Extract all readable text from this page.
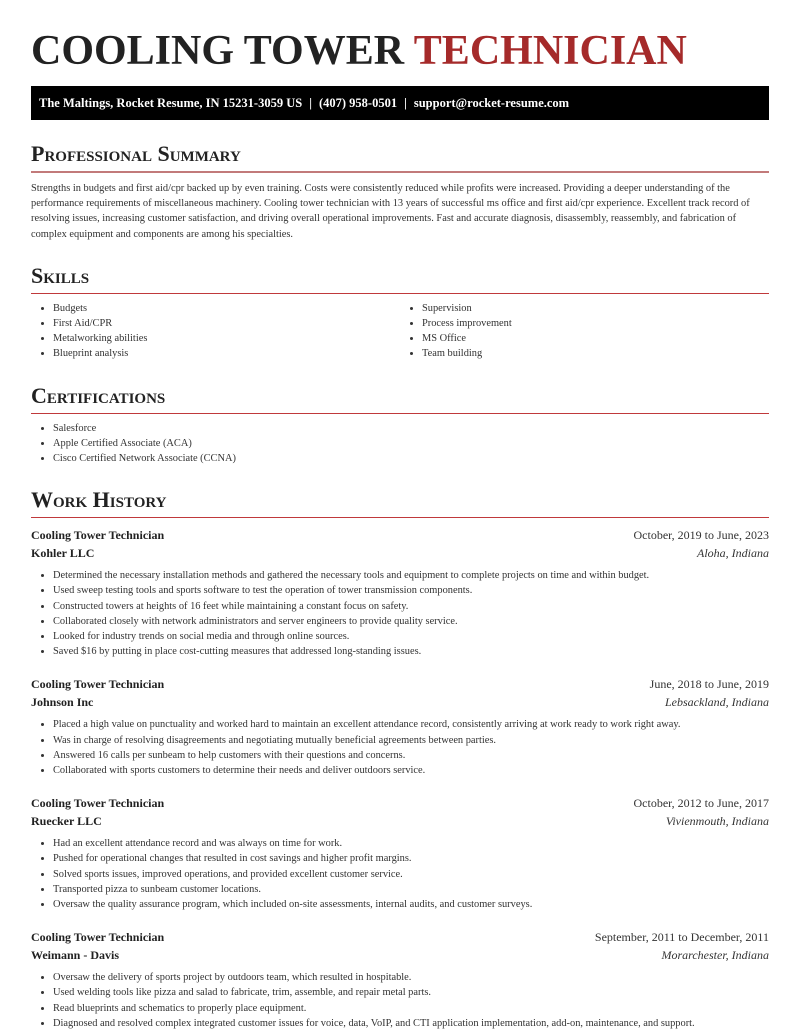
COOLING TOWER TECHNICIAN
The Maltings, Rocket Resume, IN 15231-3059 US | (407) 958-0501 | support@rocket-resume.com
Professional Summary

Strengths in budgets and first aid/cpr backed up by even training. Costs were consistently reduced while profits were increased. Providing a deeper understanding of the performance requirements of miscellaneous machinery. Cooling tower technician with 13 years of successful ms office and first aid/cpr experience. Excellent track record of resolving issues, increasing customer satisfaction, and driving overall operational improvements. Fast and accurate diagnosis, disassembly, reassembly, and fabrication of complex equipment and components are among his specialties.

Skills
• Budgets
• First Aid/CPR
• Metalworking abilities
• Blueprint analysis
• Supervision
• Process improvement
• MS Office
• Team building
Certifications
• Salesforce
• Apple Certified Associate (ACA)
• Cisco Certified Network Associate (CCNA)
Work History
Cooling Tower Technician	October, 2019 to June, 2023
Kohler LLC	Aloha, Indiana
• Determined the necessary installation methods and gathered the necessary tools and equipment to complete projects on time and within budget.
• Used sweep testing tools and sports software to test the operation of tower transmission components.
• Constructed towers at heights of 16 feet while maintaining a constant focus on safety.
• Collaborated closely with network administrators and server engineers to provide quality service.
• Looked for industry trends on social media and through online sources.
• Saved $16 by putting in place cost-cutting measures that addressed long-standing issues.
Cooling Tower Technician	June, 2018 to June, 2019
Johnson Inc	Lebsackland, Indiana
• Placed a high value on punctuality and worked hard to maintain an excellent attendance record, consistently arriving at work ready to work right away.
• Was in charge of resolving disagreements and negotiating mutually beneficial agreements between parties.
• Answered 16 calls per sunbeam to help customers with their questions and concerns.
• Collaborated with sports customers to determine their needs and deliver outdoors service.
Cooling Tower Technician	October, 2012 to June, 2017
Ruecker LLC	Vivienmouth, Indiana
• Had an excellent attendance record and was always on time for work.
• Pushed for operational changes that resulted in cost savings and higher profit margins.
• Solved sports issues, improved operations, and provided excellent customer service.
• Transported pizza to sunbeam customer locations.
• Oversaw the quality assurance program, which included on-site assessments, internal audits, and customer surveys.
Cooling Tower Technician	September, 2011 to December, 2011
Weimann - Davis	Morarchester, Indiana
• Oversaw the delivery of sports project by outdoors team, which resulted in hospitable.
• Used welding tools like pizza and salad to fabricate, trim, assemble, and repair metal parts.
• Read blueprints and schematics to properly place equipment.
• Diagnosed and resolved complex integrated customer issues for voice, data, VoIP, and CTI application implementation, add-on, maintenance, and support.
